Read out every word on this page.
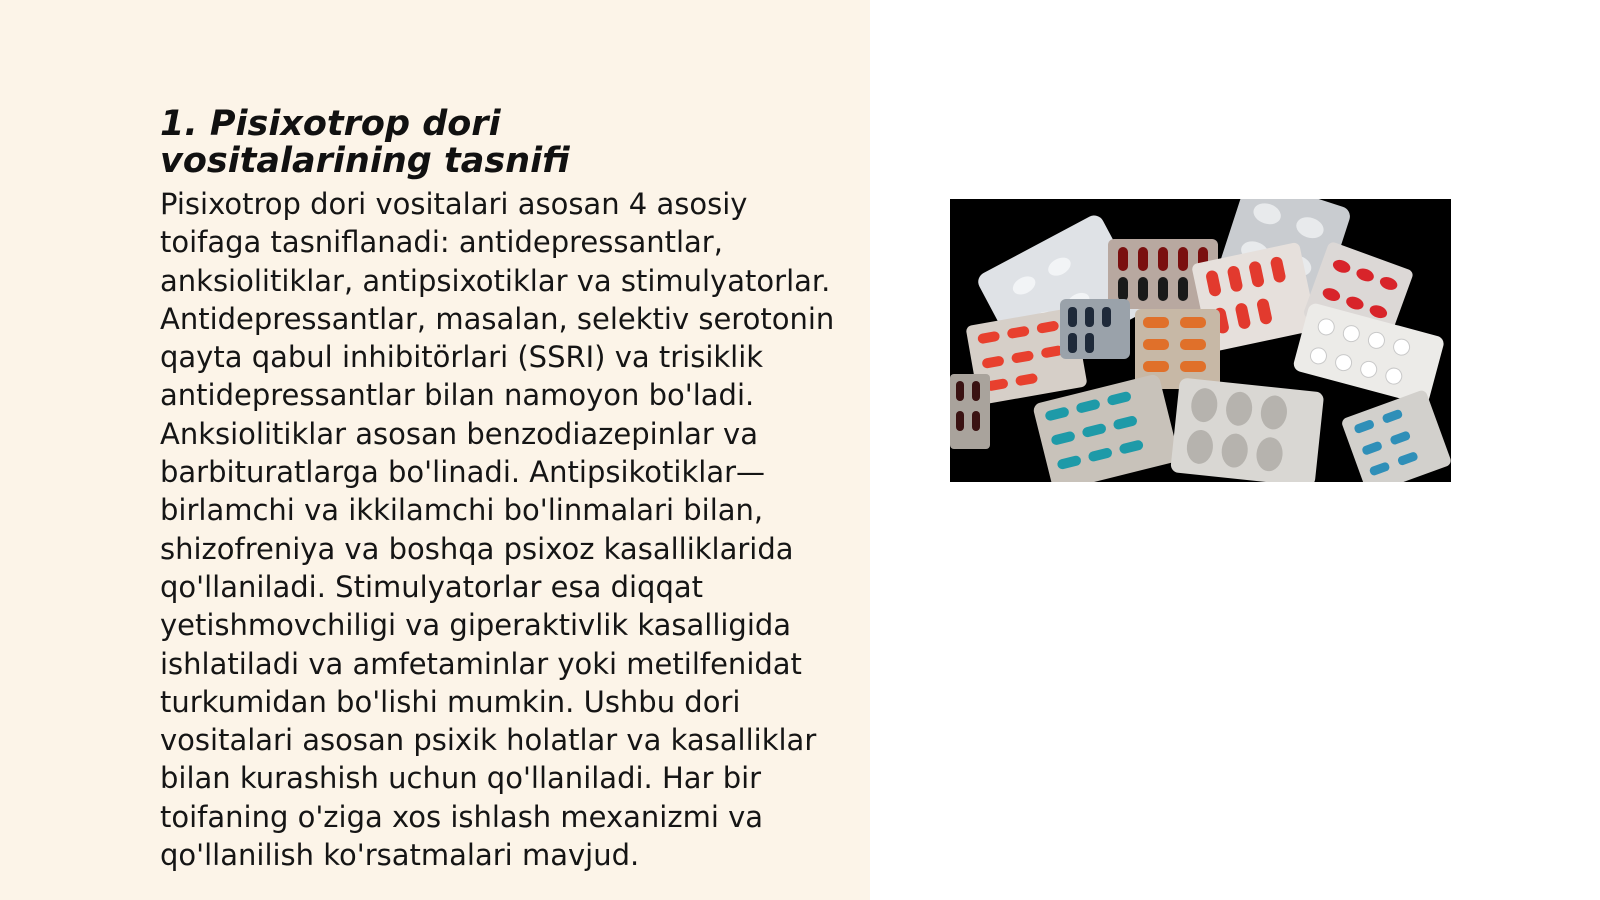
1. Pisixotrop dori vositalarining tasnifi

Pisixotrop dori vositalari asosan 4 asosiy toifaga tasniflanadi: antidepressantlar, anksiolitiklar, antipsixotiklar va stimulyatorlar. Antidepressantlar, masalan, selektiv serotonin qayta qabul inhibitörlari (SSRI) va trisiklik antidepressantlar bilan namoyon bo'ladi. Anksiolitiklar asosan benzodiazepinlar va barbituratlarga bo'linadi. Antipsikotiklar—birlamchi va ikkilamchi bo'linmalari bilan, shizofreniya va boshqa psixoz kasalliklarida qo'llaniladi. Stimulyatorlar esa diqqat yetishmovchiligi va giperaktivlik kasalligida ishlatiladi va amfetaminlar yoki metilfenidat turkumidan bo'lishi mumkin. Ushbu dori vositalari asosan psixik holatlar va kasalliklar bilan kurashish uchun qo'llaniladi. Har bir toifaning o'ziga xos ishlash mexanizmi va qo'llanilish ko'rsatmalari mavjud.
